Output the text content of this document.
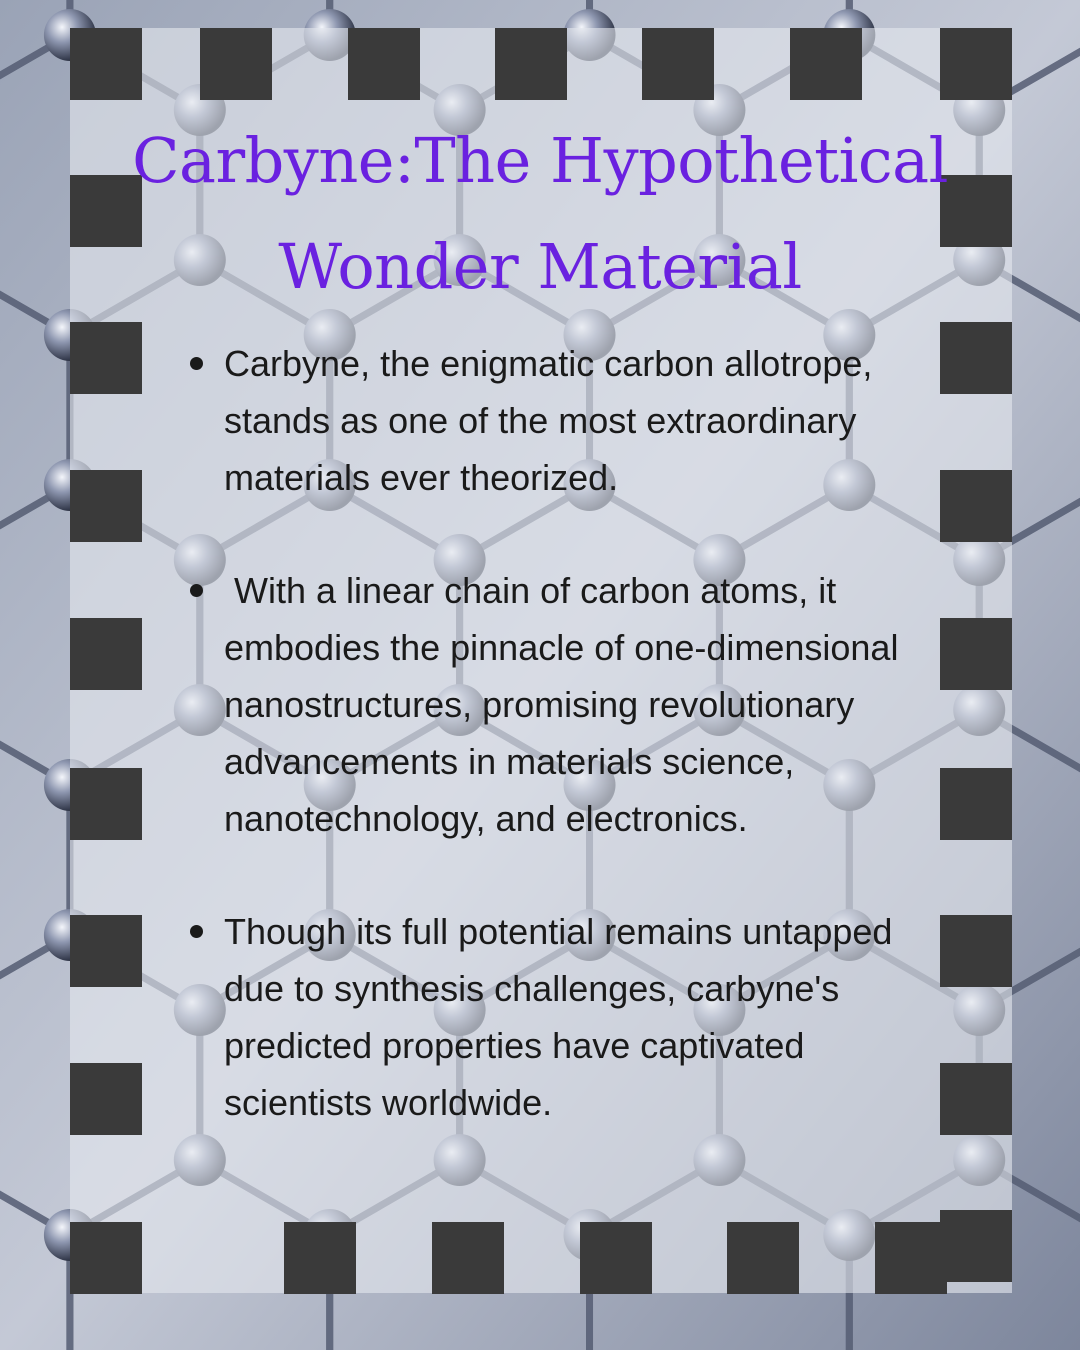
Carbyne:The Hypothetical
Wonder Material
Carbyne, the enigmatic carbon allotrope, stands as one of the most extraordinary materials ever theorized.
With a linear chain of carbon atoms, it embodies the pinnacle of one-dimensional nanostructures, promising revolutionary advancements in materials science, nanotechnology, and electronics.
Though its full potential remains untapped due to synthesis challenges, carbyne's predicted properties have captivated scientists worldwide.
